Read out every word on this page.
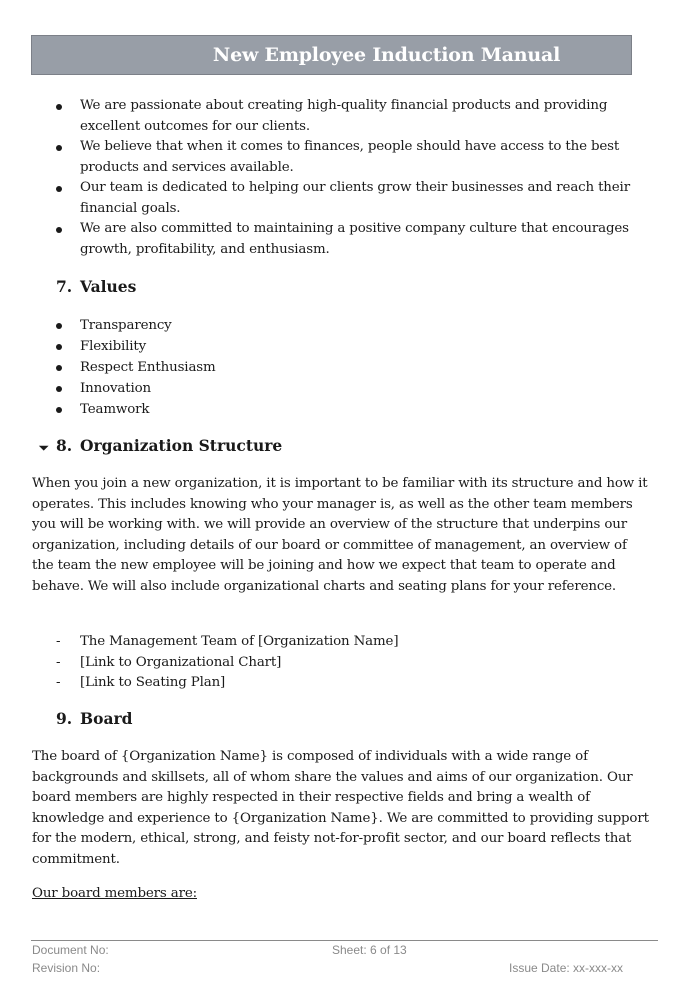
New Employee Induction Manual
We are passionate about creating high-quality financial products and providing excellent outcomes for our clients.
We believe that when it comes to finances, people should have access to the best products and services available.
Our team is dedicated to helping our clients grow their businesses and reach their financial goals.
We are also committed to maintaining a positive company culture that encourages growth, profitability, and enthusiasm.
7. Values
Transparency
Flexibility
Respect Enthusiasm
Innovation
Teamwork
◢ 8. Organization Structure
When you join a new organization, it is important to be familiar with its structure and how it operates. This includes knowing who your manager is, as well as the other team members you will be working with. we will provide an overview of the structure that underpins our organization, including details of our board or committee of management, an overview of the team the new employee will be joining and how we expect that team to operate and behave. We will also include organizational charts and seating plans for your reference.
- The Management Team of [Organization Name]
- [Link to Organizational Chart]
- [Link to Seating Plan]
9. Board
The board of {Organization Name} is composed of individuals with a wide range of backgrounds and skillsets, all of whom share the values and aims of our organization. Our board members are highly respected in their respective fields and bring a wealth of knowledge and experience to {Organization Name}. We are committed to providing support for the modern, ethical, strong, and feisty not-for-profit sector, and our board reflects that commitment.
Our board members are:
Document No:	Sheet: 6 of 13
Revision No:	Issue Date: xx-xxx-xx
